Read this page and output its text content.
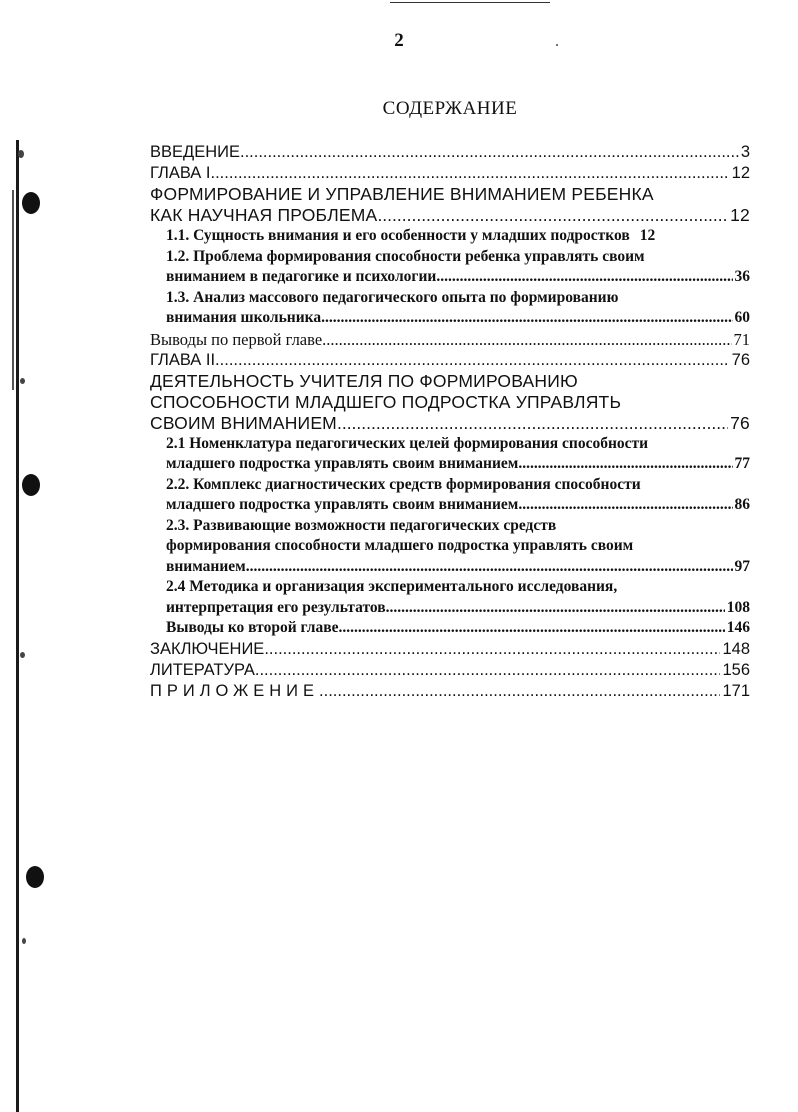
2
СОДЕРЖАНИЕ
ВВЕДЕНИЕ .....	3
ГЛАВА I. .....	12
ФОРМИРОВАНИЕ И УПРАВЛЕНИЕ ВНИМАНИЕМ РЕБЕНКА
КАК НАУЧНАЯ ПРОБЛЕМА .....	12
1.1. Сущность внимания и его особенности у младших подростков 12
1.2. Проблема формирования способности ребенка управлять своим
вниманием в педагогике и психологии .....	36
1.3. Анализ массового педагогического опыта по формированию
внимания школьника .....	60
Выводы по первой главе .....	71
ГЛАВА II. .....	76
ДЕЯТЕЛЬНОСТЬ УЧИТЕЛЯ ПО ФОРМИРОВАНИЮ
СПОСОБНОСТИ МЛАДШЕГО ПОДРОСТКА УПРАВЛЯТЬ
СВОИМ ВНИМАНИЕМ .....	76
2.1 Номенклатура педагогических целей формирования способности
младшего подростка управлять своим вниманием .....	77
2.2. Комплекс диагностических средств формирования способности
младшего подростка управлять своим вниманием .....	86
2.3. Развивающие возможности педагогических средств
формирования способности младшего подростка управлять своим
вниманием .....	97
2.4 Методика и организация экспериментального исследования,
интерпретация его результатов .....	108
Выводы ко второй главе .....	146
ЗАКЛЮЧЕНИЕ .....	148
ЛИТЕРАТУРА .....	156
ПРИЛОЖЕНИЕ .....	171
